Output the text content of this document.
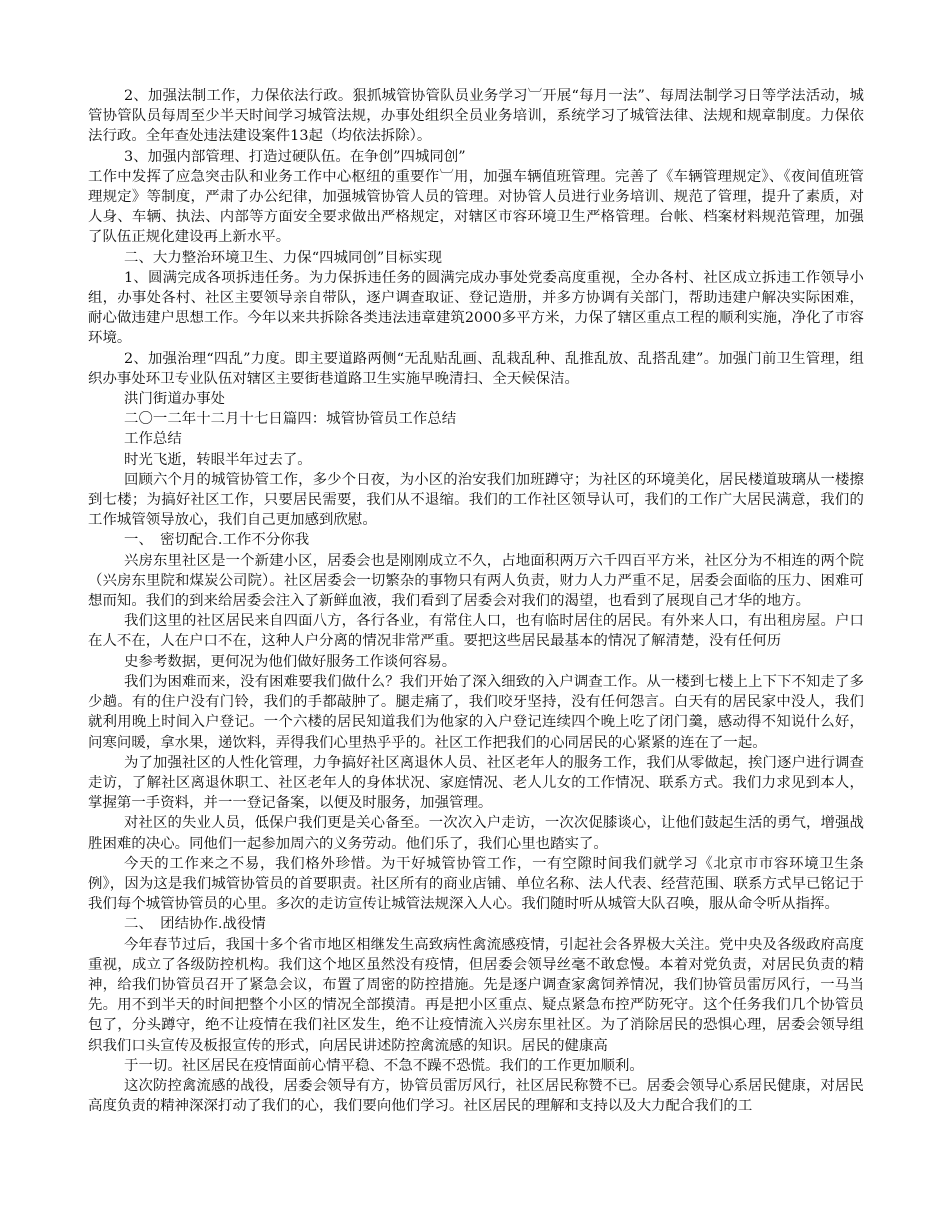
2、加强法制工作，力保依法行政。狠抓城管协管队员业务学习︺开展“每月一法”、每周法制学习日等学法活动，城管协管队员每周至少半天时间学习城管法规，办事处组织全员业务培训，系统学习了城管法律、法规和规章制度。力保依法行政。全年查处违法建设案件13起（均依法拆除）。

3、加强内部管理、打造过硬队伍。在争创”四城同创”

工作中发挥了应急突击队和业务工作中心枢纽的重要作︺用，加强车辆值班管理。完善了《车辆管理规定》、《夜间值班管理规定》等制度，严肃了办公纪律，加强城管协管人员的管理。对协管人员进行业务培训、规范了管理，提升了素质，对人身、车辆、执法、内部等方面安全要求做出严格规定，对辖区市容环境卫生严格管理。台帐、档案材料规范管理，加强了队伍正规化建设再上新水平。

二、大力整治环境卫生、力保“四城同创”目标实现

1、圆满完成各项拆违任务。为力保拆违任务的圆满完成办事处党委高度重视，全办各村、社区成立拆违工作领导小组，办事处各村、社区主要领导亲自带队，逐户调查取证、登记造册，并多方协调有关部门，帮助违建户解决实际困难，耐心做违建户思想工作。今年以来共拆除各类违法违章建筑2000多平方米，力保了辖区重点工程的顺利实施，净化了市容环境。

2、加强治理“四乱”力度。即主要道路两侧“无乱贴乱画、乱栽乱种、乱推乱放、乱搭乱建”。加强门前卫生管理，组织办事处环卫专业队伍对辖区主要街巷道路卫生实施早晚清扫、全天候保洁。

洪门街道办事处

二〇一二年十二月十七日篇四：城管协管员工作总结

工作总结

时光飞逝，转眼半年过去了。

回顾六个月的城管协管工作，多少个日夜，为小区的治安我们加班蹲守；为社区的环境美化，居民楼道玻璃从一楼擦到七楼；为搞好社区工作，只要居民需要，我们从不退缩。我们的工作社区领导认可，我们的工作广大居民满意，我们的工作城管领导放心，我们自己更加感到欣慰。

一、　密切配合.工作不分你我

兴房东里社区是一个新建小区，居委会也是刚刚成立不久，占地面积两万六千四百平方米，社区分为不相连的两个院（兴房东里院和煤炭公司院）。社区居委会一切繁杂的事物只有两人负责，财力人力严重不足，居委会面临的压力、困难可想而知。我们的到来给居委会注入了新鲜血液，我们看到了居委会对我们的渴望，也看到了展现自己才华的地方。

我们这里的社区居民来自四面八方，各行各业，有常住人口，也有临时居住的居民。有外来人口，有出租房屋。户口在人不在，人在户口不在，这种人户分离的情况非常严重。要把这些居民最基本的情况了解清楚，没有任何历

史参考数据，更何况为他们做好服务工作谈何容易。

我们为困难而来，没有困难要我们做什么？我们开始了深入细致的入户调查工作。从一楼到七楼上上下下不知走了多少趟。有的住户没有门铃，我们的手都敲肿了。腿走痛了，我们咬牙坚持，没有任何怨言。白天有的居民家中没人，我们就利用晚上时间入户登记。一个六楼的居民知道我们为他家的入户登记连续四个晚上吃了闭门羹，感动得不知说什么好，问寒问暖，拿水果，递饮料，弄得我们心里热乎乎的。社区工作把我们的心同居民的心紧紧的连在了一起。

为了加强社区的人性化管理，力争搞好社区离退休人员、社区老年人的服务工作，我们从零做起，挨门逐户进行调查走访，了解社区离退休职工、社区老年人的身体状况、家庭情况、老人儿女的工作情况、联系方式。我们力求见到本人，掌握第一手资料，并一一登记备案，以便及时服务，加强管理。

对社区的失业人员，低保户我们更是关心备至。一次次入户走访，一次次促膝谈心，让他们鼓起生活的勇气，增强战胜困难的决心。同他们一起参加周六的义务劳动。他们乐了，我们心里也踏实了。

今天的工作来之不易，我们格外珍惜。为干好城管协管工作，一有空隙时间我们就学习《北京市市容环境卫生条例》，因为这是我们城管协管员的首要职责。社区所有的商业店铺、单位名称、法人代表、经营范围、联系方式早已铭记于我们每个城管协管员的心里。多次的走访宣传让城管法规深入人心。我们随时听从城管大队召唤，服从命令听从指挥。

二、　团结协作.战役情

今年春节过后，我国十多个省市地区相继发生高致病性禽流感疫情，引起社会各界极大关注。党中央及各级政府高度重视，成立了各级防控机构。我们这个地区虽然没有疫情，但居委会领导丝毫不敢怠慢。本着对党负责，对居民负责的精神，给我们协管员召开了紧急会议，布置了周密的防控措施。先是逐户调查家禽饲养情况，我们协管员雷厉风行，一马当先。用不到半天的时间把整个小区的情况全部摸清。再是把小区重点、疑点紧急布控严防死守。这个任务我们几个协管员包了，分头蹲守，绝不让疫情在我们社区发生，绝不让疫情流入兴房东里社区。为了消除居民的恐惧心理，居委会领导组织我们口头宣传及板报宣传的形式，向居民讲述防控禽流感的知识。居民的健康高

于一切。社区居民在疫情面前心情平稳、不急不躁不恐慌。我们的工作更加顺利。

这次防控禽流感的战役，居委会领导有方，协管员雷厉风行，社区居民称赞不已。居委会领导心系居民健康，对居民高度负责的精神深深打动了我们的心，我们要向他们学习。社区居民的理解和支持以及大力配合我们的工
